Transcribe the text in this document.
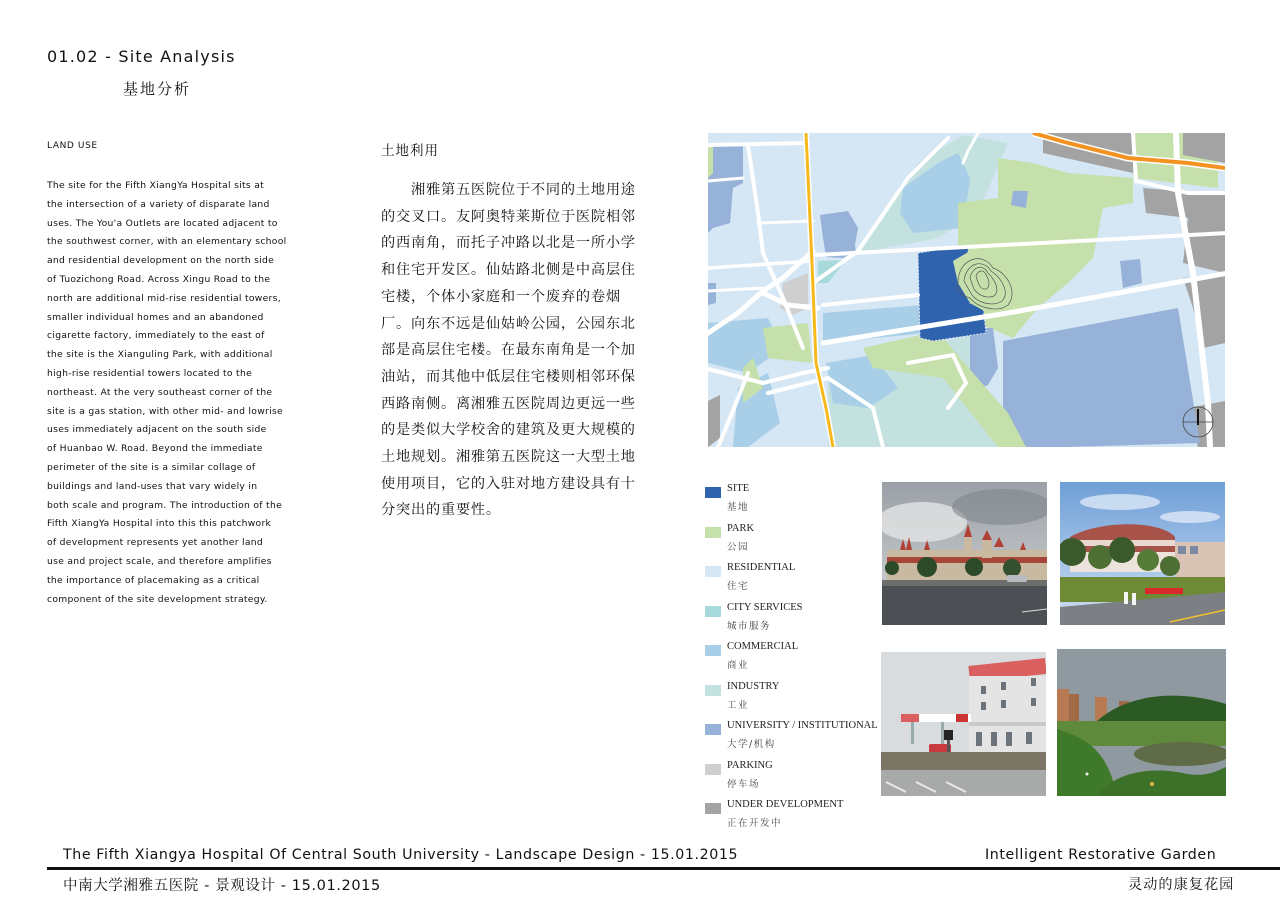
01.02 - Site Analysis
基地分析
LAND USE
The site for the Fifth XiangYa Hospital sits at
the intersection of a variety of disparate land
uses. The You'a Outlets are located adjacent to
the southwest corner, with an elementary school
and residential development on the north side
of Tuozichong Road. Across Xingu Road to the
north are additional mid-rise residential towers,
smaller individual homes and an abandoned
cigarette factory, immediately to the east of
the site is the Xianguling Park, with additional
high-rise residential towers located to the
northeast. At the very southeast corner of the
site is a gas station, with other mid- and lowrise
uses immediately adjacent on the south side
of Huanbao W. Road. Beyond the immediate
perimeter of the site is a similar collage of
buildings and land-uses that vary widely in
both scale and program. The introduction of the
Fifth XiangYa Hospital into this this patchwork
of development represents yet another land
use and project scale, and therefore amplifies
the importance of placemaking as a critical
component of the site development strategy.
土地利用
　　湘雅第五医院位于不同的土地用途
的交叉口。友阿奥特莱斯位于医院相邻
的西南角，而托子冲路以北是一所小学
和住宅开发区。仙姑路北侧是中高层住
宅楼，个体小家庭和一个废弃的卷烟
厂。向东不远是仙姑岭公园，公园东北
部是高层住宅楼。在最东南角是一个加
油站，而其他中低层住宅楼则相邻环保
西路南侧。离湘雅五医院周边更远一些
的是类似大学校舍的建筑及更大规模的
土地规划。湘雅第五医院这一大型土地
使用项目，它的入驻对地方建设具有十
分突出的重要性。
SITE
基地
PARK
公园
RESIDENTIAL
住宅
CITY SERVICES
城市服务
COMMERCIAL
商业
INDUSTRY
工业
UNIVERSITY / INSTITUTIONAL
大学/机构
PARKING
停车场
UNDER DEVELOPMENT
正在开发中
The Fifth Xiangya Hospital Of Central South University - Landscape Design - 15.01.2015	Intelligent Restorative Garden
中南大学湘雅五医院 - 景观设计 - 15.01.2015	灵动的康复花园
